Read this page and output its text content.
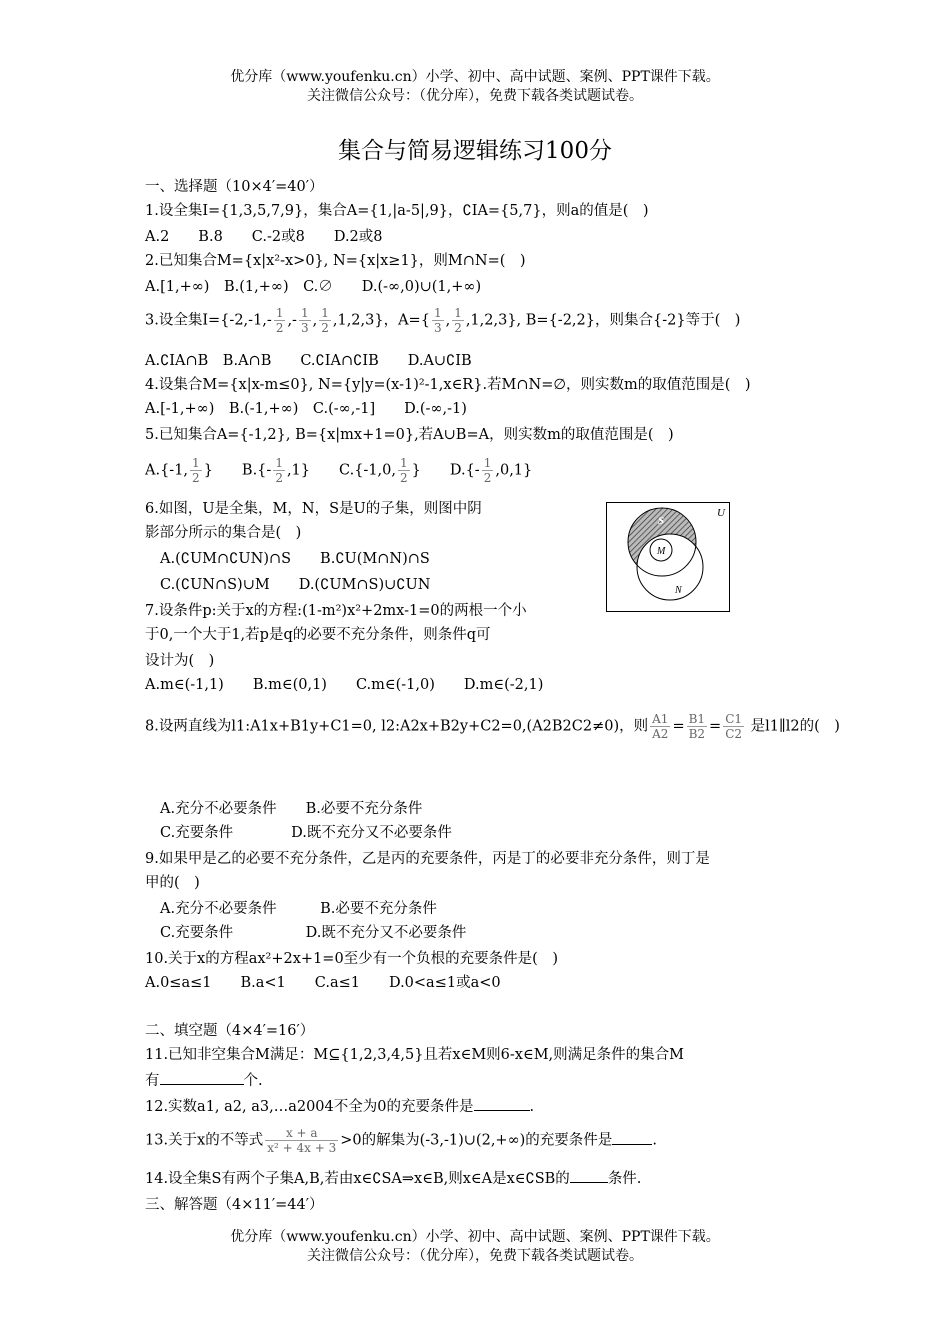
优分库（www.youfenku.cn）小学、初中、高中试题、案例、PPT课件下载。
关注微信公众号：（优分库），免费下载各类试题试卷。
集合与简易逻辑练习100分
一、选择题（10×4′=40′）
1.设全集I={1,3,5,7,9}，集合A={1,|a-5|,9}，∁IA={5,7}，则a的值是(　)
A.2　　B.8　　C.-2或8　　D.2或8
2.已知集合M={x|x²-x>0}, N={x|x≥1}，则M∩N=(　)
A.[1,+∞)　B.(1,+∞)　C.∅　　D.(-∞,0)∪(1,+∞)
3.设全集$I=\{-2,-1,- \frac{1}{2}$ ,- $\frac{1}{3}$ , $\frac{1}{2} ,1,2,3$}，$A=\{ \frac{1}{3}$ , $\frac{1}{2} ,1,2,3$}, B={-2,2}，则集合{-2}等于(　)
A.∁IA∩B　B.A∩B　　C.∁IA∩∁IB　　D.A∪∁IB
4.设集合M={x|x-m≤0}, N={y|y=(x-1)²-1,x∈R}.若M∩N=∅，则实数m的取值范围是(　)
A.[-1,+∞)　B.(-1,+∞)　C.(-∞,-1]　　D.(-∞,-1)
5.已知集合A={-1,2}, B={x|mx+1=0},若A∪B=A，则实数m的取值范围是(　)
A.{-1, $\frac{1}{2}$ }　　$B.\{- \frac{1}{2} ,1\}$　　C.{-1,0, $\frac{1}{2}$ }　　$D.\{- \frac{1}{2} ,0,1\}$
6.如图，U是全集，M，N，S是U的子集，则图中阴
影部分所示的集合是(　)
A.(∁UM∩∁UN)∩S　　B.∁U(M∩N)∩S
C.(∁UN∩S)∪M　　D.(∁UM∩S)∪∁UN
U
S
M
N
7.设条件p:关于x的方程:(1-m²)x²+2mx-1=0的两根一个小
于0,一个大于1,若p是q的必要不充分条件，则条件q可
设计为(　)
A.m∈(-1,1)　　B.m∈(0,1)　　C.m∈(-1,0)　　D.m∈(-2,1)
8.设两直线为l1:A1x+B1y+C1=0, l2:A2x+B2y+C2=0,(A2B2C2≠0)，则 $\frac{A1}{A2} = \frac{B1}{B2} = \frac{C1}{C2}$ 是l1∥l2的(　)
A.充分不必要条件　　B.必要不充分条件
C.充要条件　　　　D.既不充分又不必要条件
9.如果甲是乙的必要不充分条件，乙是丙的充要条件，丙是丁的必要非充分条件，则丁是
甲的(　)
A.充分不必要条件　　　B.必要不充分条件
C.充要条件　　　　　D.既不充分又不必要条件
10.关于x的方程ax²+2x+1=0至少有一个负根的充要条件是(　)
A.0≤a≤1　　B.a<1　　C.a≤1　　D.0<a≤1或a<0
二、填空题（4×4′=16′）
11.已知非空集合M满足：M⊆{1,2,3,4,5}且若x∈M则6-x∈M,则满足条件的集合M
有	个.
12.实数a1, a2, a3,…a2004不全为0的充要条件是	.
13.关于x的不等式 $\frac{x + a}{\text{x² + 4x + 3}} >0$的解集为(-3,-1)∪(2,+∞)的充要条件是	.
14.设全集S有两个子集A,B,若由x∈∁SA⇒x∈B,则x∈A是x∈∁SB的	条件.
三、解答题（4×11′=44′）
优分库（www.youfenku.cn）小学、初中、高中试题、案例、PPT课件下载。
关注微信公众号：（优分库），免费下载各类试题试卷。
